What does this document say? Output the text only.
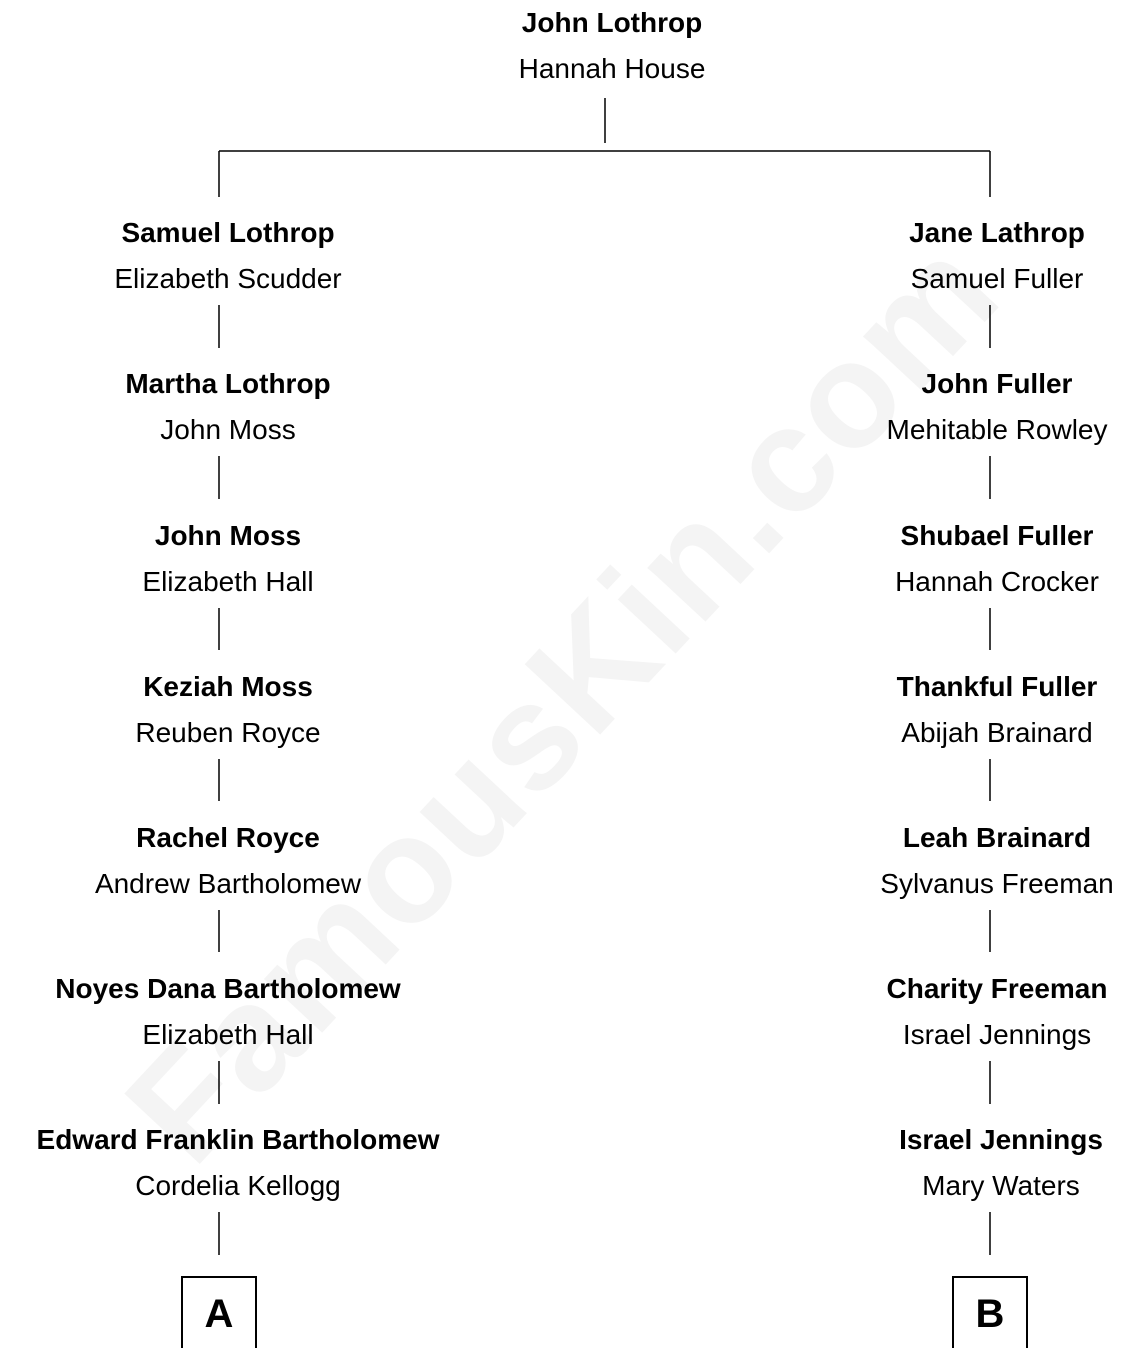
John Lothrop
Hannah House
Samuel Lothrop
Elizabeth Scudder
Martha Lothrop
John Moss
John Moss
Elizabeth Hall
Keziah Moss
Reuben Royce
Rachel Royce
Andrew Bartholomew
Noyes Dana Bartholomew
Elizabeth Hall
Edward Franklin Bartholomew
Cordelia Kellogg
Jane Lathrop
Samuel Fuller
John Fuller
Mehitable Rowley
Shubael Fuller
Hannah Crocker
Thankful Fuller
Abijah Brainard
Leah Brainard
Sylvanus Freeman
Charity Freeman
Israel Jennings
Israel Jennings
Mary Waters
A	B
